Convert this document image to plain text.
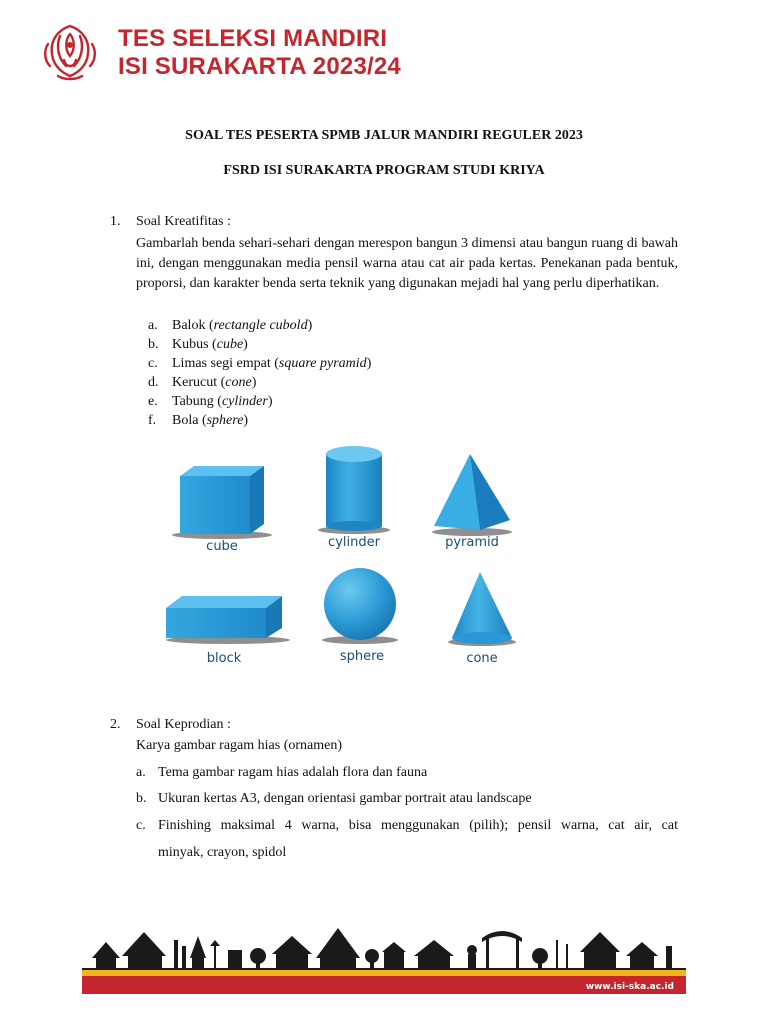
TES SELEKSI MANDIRI
ISI SURAKARTA 2023/24
SOAL TES PESERTA SPMB JALUR MANDIRI REGULER 2023
FSRD ISI SURAKARTA PROGRAM STUDI KRIYA
1. Soal Kreatifitas :
Gambarlah benda sehari-sehari dengan merespon bangun 3 dimensi atau bangun ruang di bawah ini, dengan menggunakan media pensil warna atau cat air pada kertas. Penekanan pada bentuk, proporsi, dan karakter benda serta teknik yang digunakan mejadi hal yang perlu diperhatikan.
a. Balok (rectangle cubold)
b. Kubus (cube)
c. Limas segi empat (square pyramid)
d. Kerucut (cone)
e. Tabung (cylinder)
f. Bola (sphere)
cube	cylinder	pyramid
block	sphere	cone
2. Soal Keprodian :
Karya gambar ragam hias (ornamen)
a. Tema gambar ragam hias adalah flora dan fauna
b. Ukuran kertas A3, dengan orientasi gambar portrait atau landscape
c. Finishing maksimal 4 warna, bisa menggunakan (pilih); pensil warna, cat air, cat
minyak, crayon, spidol
www.isi-ska.ac.id
